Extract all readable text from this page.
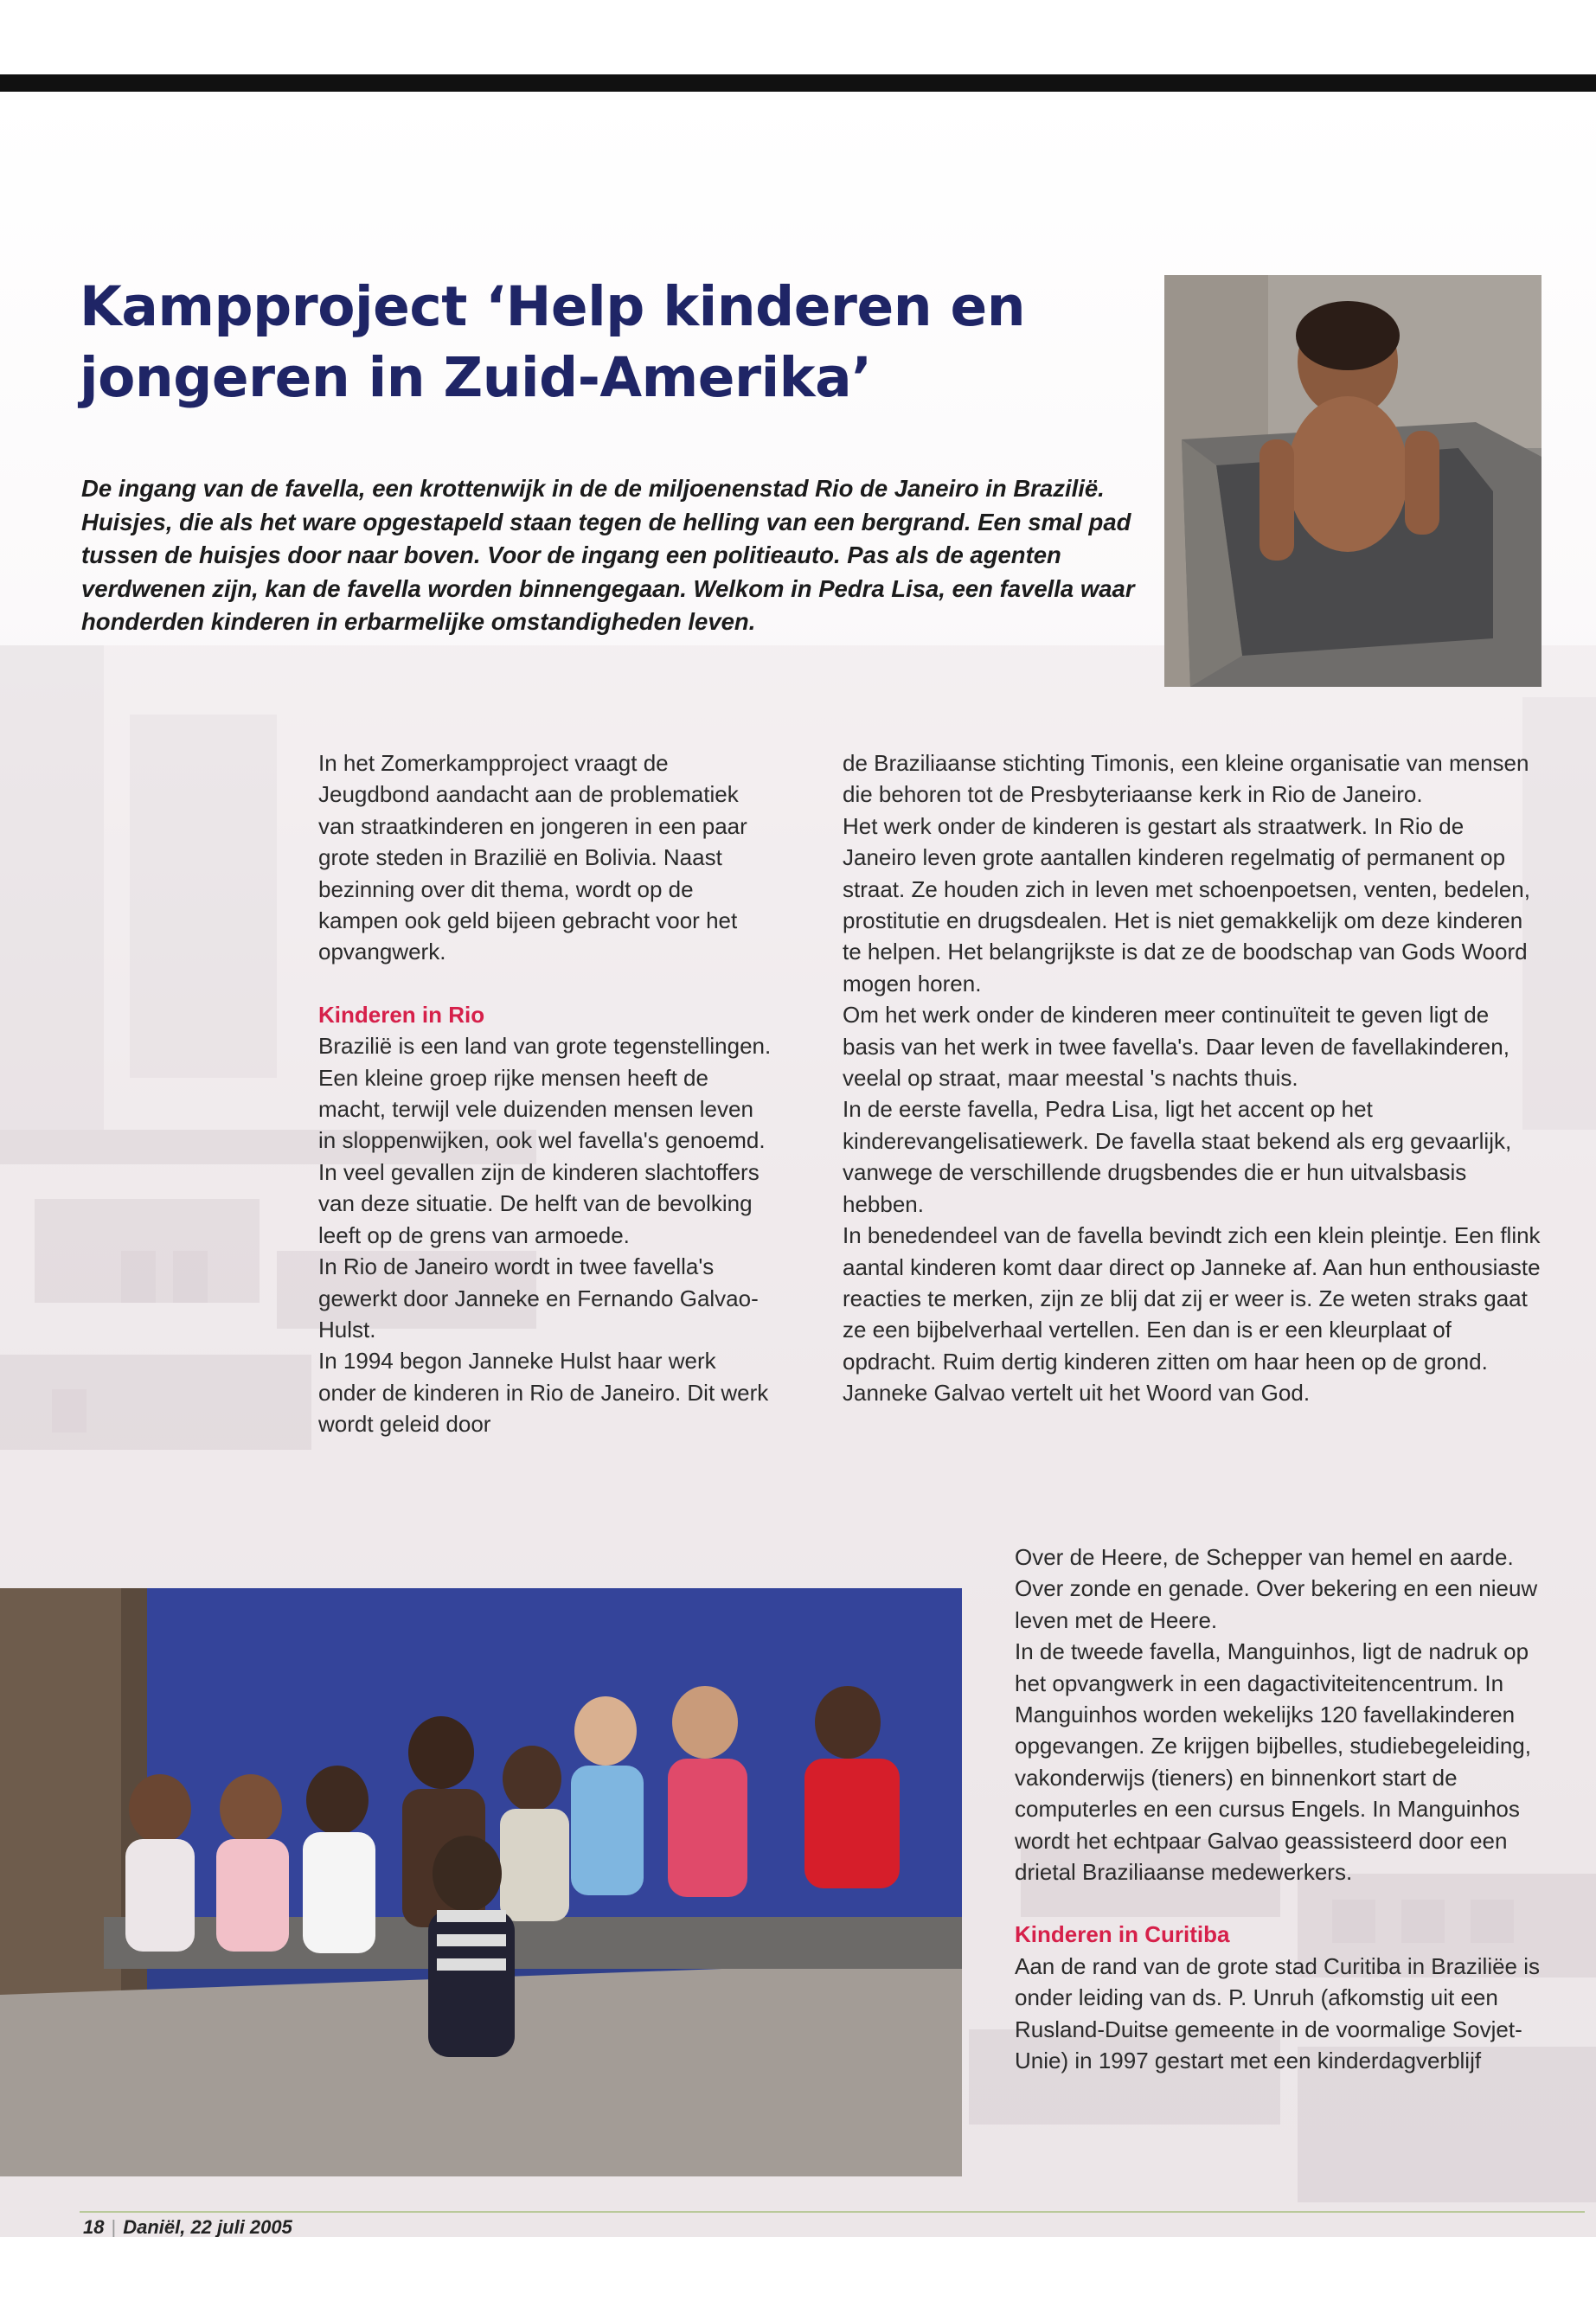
Kampproject ‘Help kinderen en jongeren in Zuid-Amerika’

De ingang van de favella, een krottenwijk in de de miljoenenstad Rio de Janeiro in Brazilië. Huisjes, die als het ware opgestapeld staan tegen de helling van een bergrand. Een smal pad tussen de huisjes door naar boven. Voor de ingang een politieauto. Pas als de agenten verdwenen zijn, kan de favella worden binnengegaan. Welkom in Pedra Lisa, een favella waar honderden kinderen in erbarmelijke omstandigheden leven.

In het Zomerkampproject vraagt de Jeugdbond aandacht aan de problematiek van straatkinderen en jongeren in een paar grote steden in Brazilië en Bolivia. Naast bezinning over dit thema, wordt op de kampen ook geld bijeen gebracht voor het opvangwerk.

Kinderen in Rio

Brazilië is een land van grote tegenstellingen. Een kleine groep rijke mensen heeft de macht, terwijl vele duizenden mensen leven in sloppenwijken, ook wel favella's genoemd.

In veel gevallen zijn de kinderen slachtoffers van deze situatie. De helft van de bevolking leeft op de grens van armoede.

In Rio de Janeiro wordt in twee favella's gewerkt door Janneke en Fernando Galvao-Hulst.

In 1994 begon Janneke Hulst haar werk onder de kinderen in Rio de Janeiro. Dit werk wordt geleid door

de Braziliaanse stichting Timonis, een kleine organisatie van mensen die behoren tot de Presbyteriaanse kerk in Rio de Janeiro.

Het werk onder de kinderen is gestart als straatwerk. In Rio de Janeiro leven grote aantallen kinderen regelmatig of permanent op straat. Ze houden zich in leven met schoenpoetsen, venten, bedelen, prostitutie en drugsdealen. Het is niet gemakkelijk om deze kinderen te helpen. Het belangrijkste is dat ze de boodschap van Gods Woord mogen horen.

Om het werk onder de kinderen meer continuïteit te geven ligt de basis van het werk in twee favella's. Daar leven de favellakinderen, veelal op straat, maar meestal 's nachts thuis.

In de eerste favella, Pedra Lisa, ligt het accent op het kinderevangelisatiewerk. De favella staat bekend als erg gevaarlijk, vanwege de verschillende drugsbendes die er hun uitvalsbasis hebben.

In benedendeel van de favella bevindt zich een klein pleintje. Een flink aantal kinderen komt daar direct op Janneke af. Aan hun enthousiaste reacties te merken, zijn ze blij dat zij er weer is. Ze weten straks gaat ze een bijbelverhaal vertellen. Een dan is er een kleurplaat of opdracht. Ruim dertig kinderen zitten om haar heen op de grond. Janneke Galvao vertelt uit het Woord van God.

Over de Heere, de Schepper van hemel en aarde. Over zonde en genade. Over bekering en een nieuw leven met de Heere.

In de tweede favella, Manguinhos, ligt de nadruk op het opvangwerk in een dagactiviteitencentrum. In Manguinhos worden wekelijks 120 favellakinderen opgevangen. Ze krijgen bijbelles, studiebegeleiding, vakonderwijs (tieners) en binnenkort start de computerles en een cursus Engels. In Manguinhos wordt het echtpaar Galvao geassisteerd door een drietal Braziliaanse medewerkers.

Kinderen in Curitiba

Aan de rand van de grote stad Curitiba in Braziliëe is onder leiding van ds. P. Unruh (afkomstig uit een Rusland-Duitse gemeente in de voormalige Sovjet-Unie) in 1997 gestart met een kinderdagverblijf

18 | Daniël, 22 juli 2005
